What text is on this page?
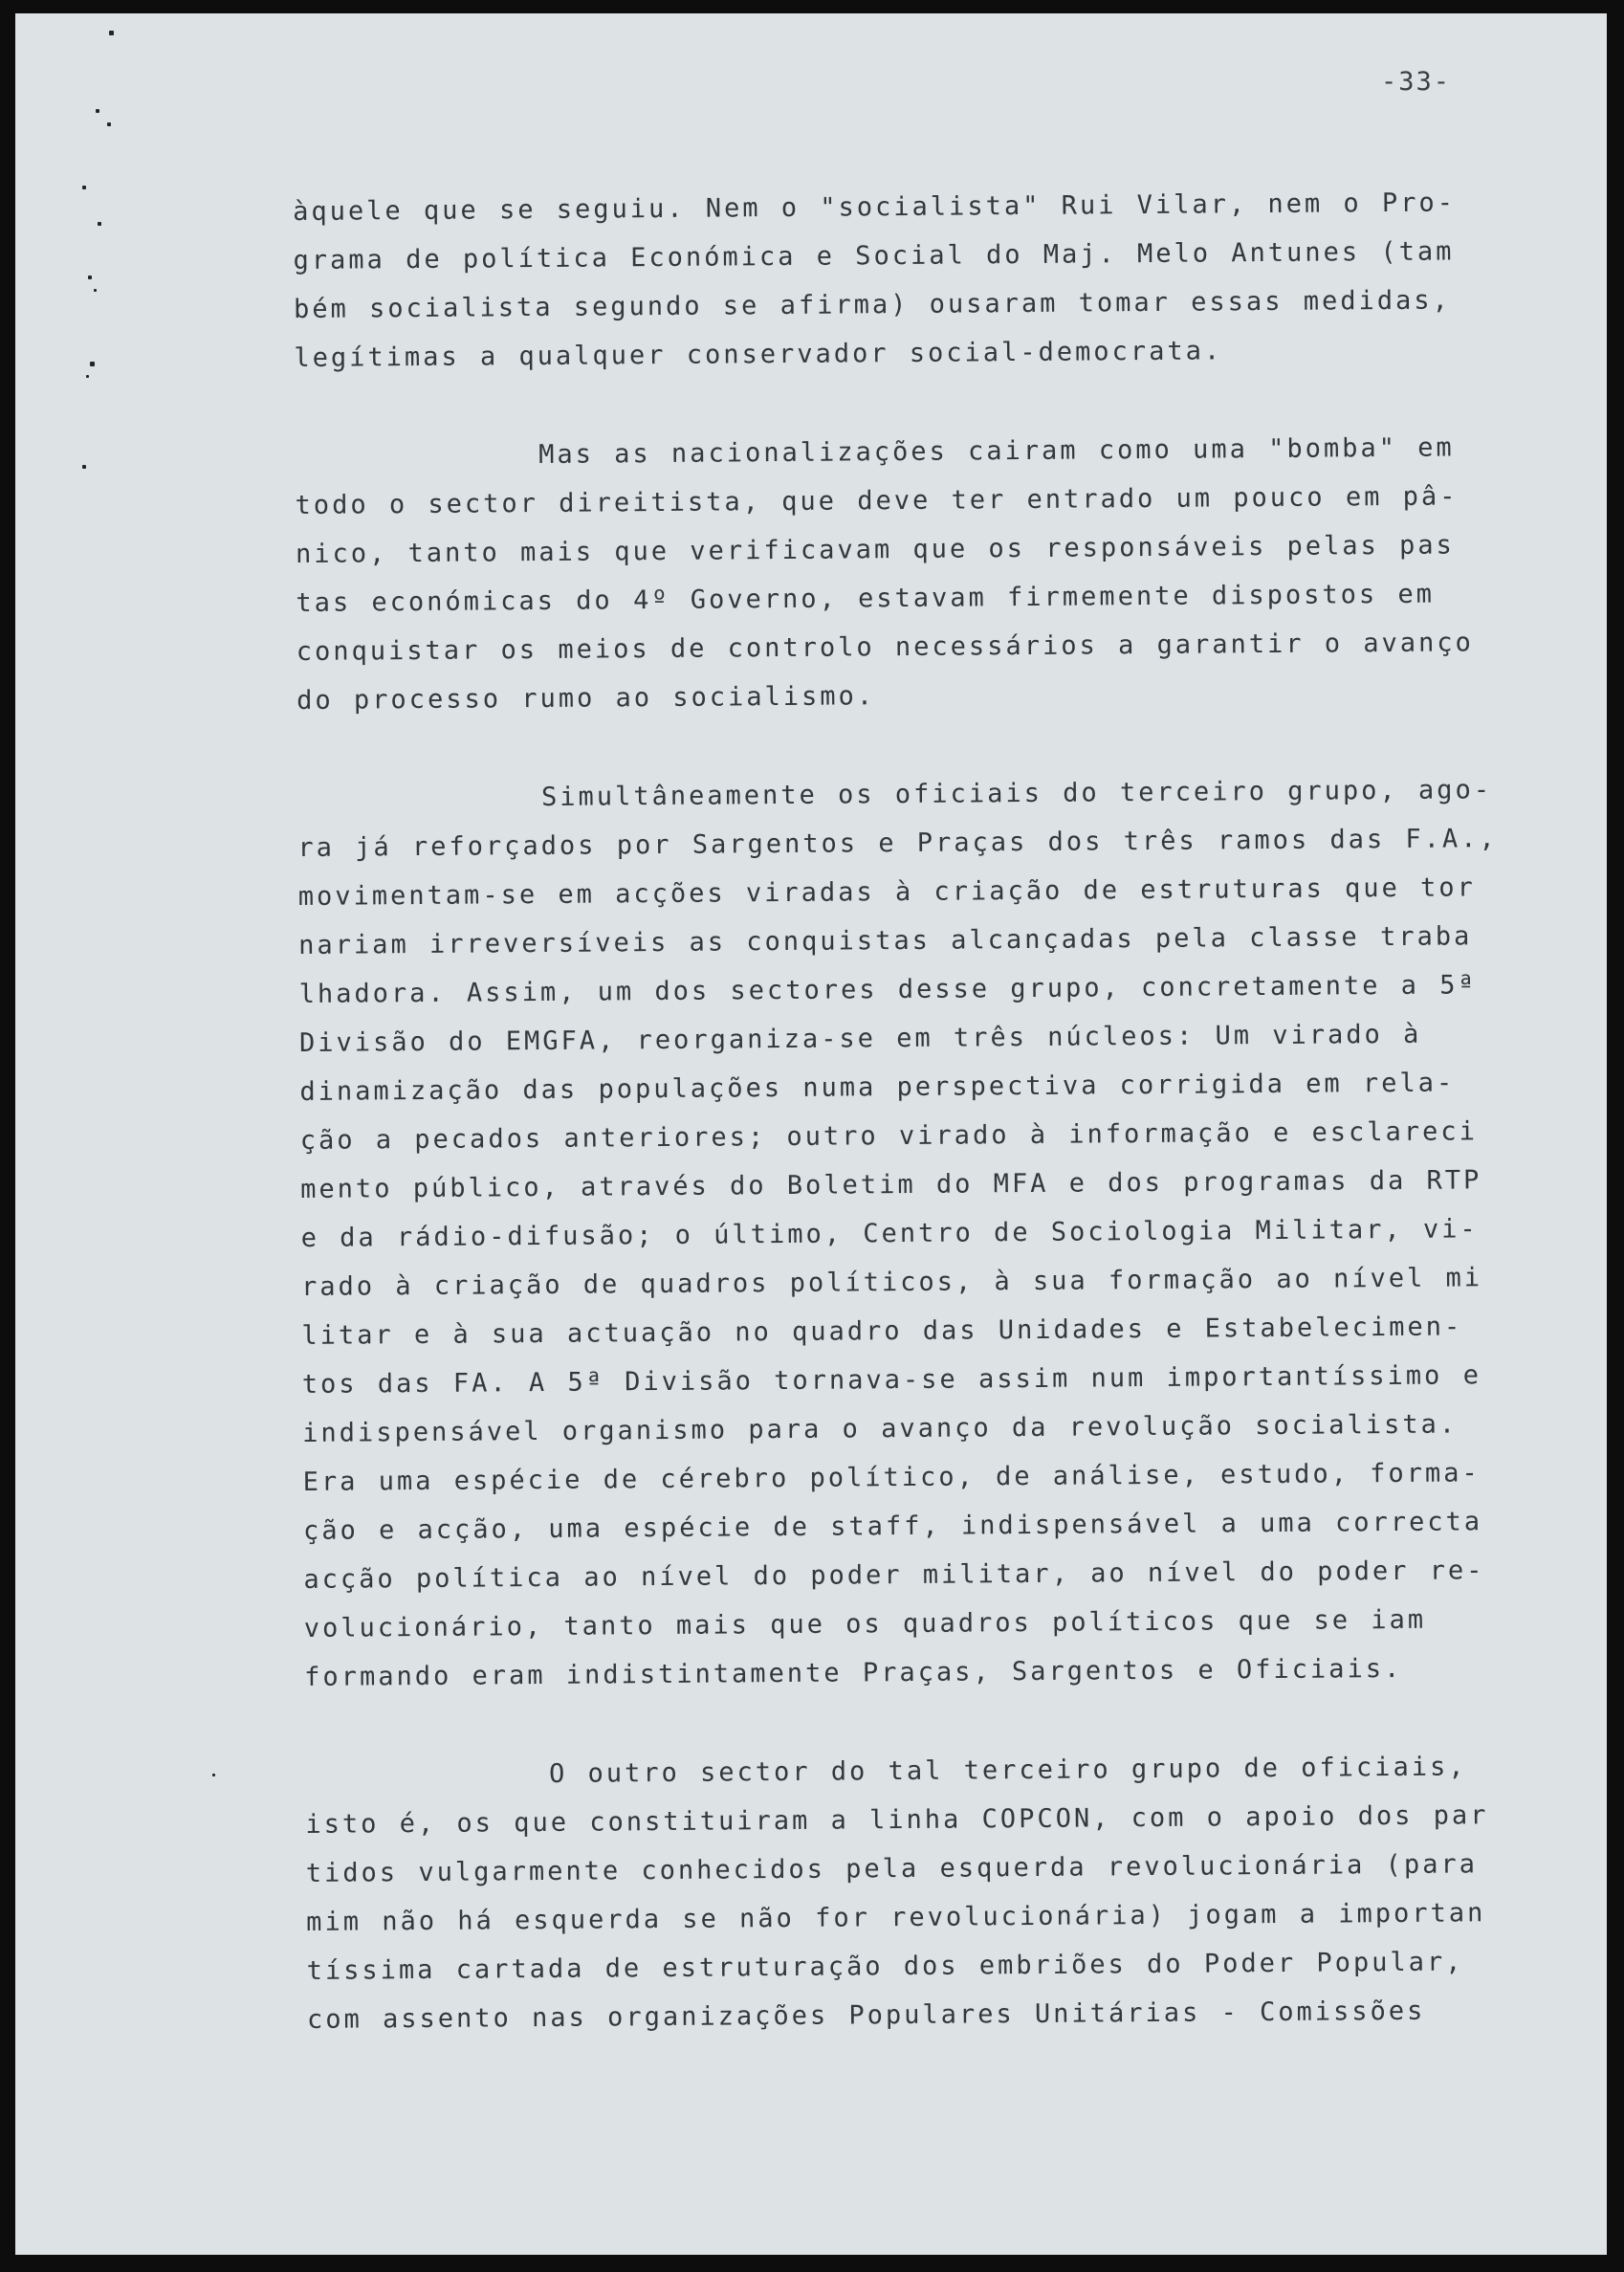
-33-

àquele que se seguiu. Nem o "socialista" Rui Vilar, nem o Pro-
grama de política Económica e Social do Maj. Melo Antunes (tam
bém socialista segundo se afirma) ousaram tomar essas medidas,
legítimas a qualquer conservador social-democrata.

Mas as nacionalizações cairam como uma "bomba" em
todo o sector direitista, que deve ter entrado um pouco em pâ-
nico, tanto mais que verificavam que os responsáveis pelas pas
tas económicas do 4º Governo, estavam firmemente dispostos em
conquistar os meios de controlo necessários a garantir o avanço
do processo rumo ao socialismo.

Simultâneamente os oficiais do terceiro grupo, ago-
ra já reforçados por Sargentos e Praças dos três ramos das F.A.,
movimentam-se em acções viradas à criação de estruturas que tor
nariam irreversíveis as conquistas alcançadas pela classe traba
lhadora. Assim, um dos sectores desse grupo, concretamente a 5ª
Divisão do EMGFA, reorganiza-se em três núcleos: Um virado à
dinamização das populações numa perspectiva corrigida em rela-
ção a pecados anteriores; outro virado à informação e esclareci
mento público, através do Boletim do MFA e dos programas da RTP
e da rádio-difusão; o último, Centro de Sociologia Militar, vi-
rado à criação de quadros políticos, à sua formação ao nível mi
litar e à sua actuação no quadro das Unidades e Estabelecimen-
tos das FA. A 5ª Divisão tornava-se assim num importantíssimo e
indispensável organismo para o avanço da revolução socialista.
Era uma espécie de cérebro político, de análise, estudo, forma-
ção e acção, uma espécie de staff, indispensável a uma correcta
acção política ao nível do poder militar, ao nível do poder re-
volucionário, tanto mais que os quadros políticos que se iam
formando eram indistintamente Praças, Sargentos e Oficiais.

O outro sector do tal terceiro grupo de oficiais,
isto é, os que constituiram a linha COPCON, com o apoio dos par
tidos vulgarmente conhecidos pela esquerda revolucionária (para
mim não há esquerda se não for revolucionária) jogam a importan
tíssima cartada de estruturação dos embriões do Poder Popular,
com assento nas organizações Populares Unitárias - Comissões
